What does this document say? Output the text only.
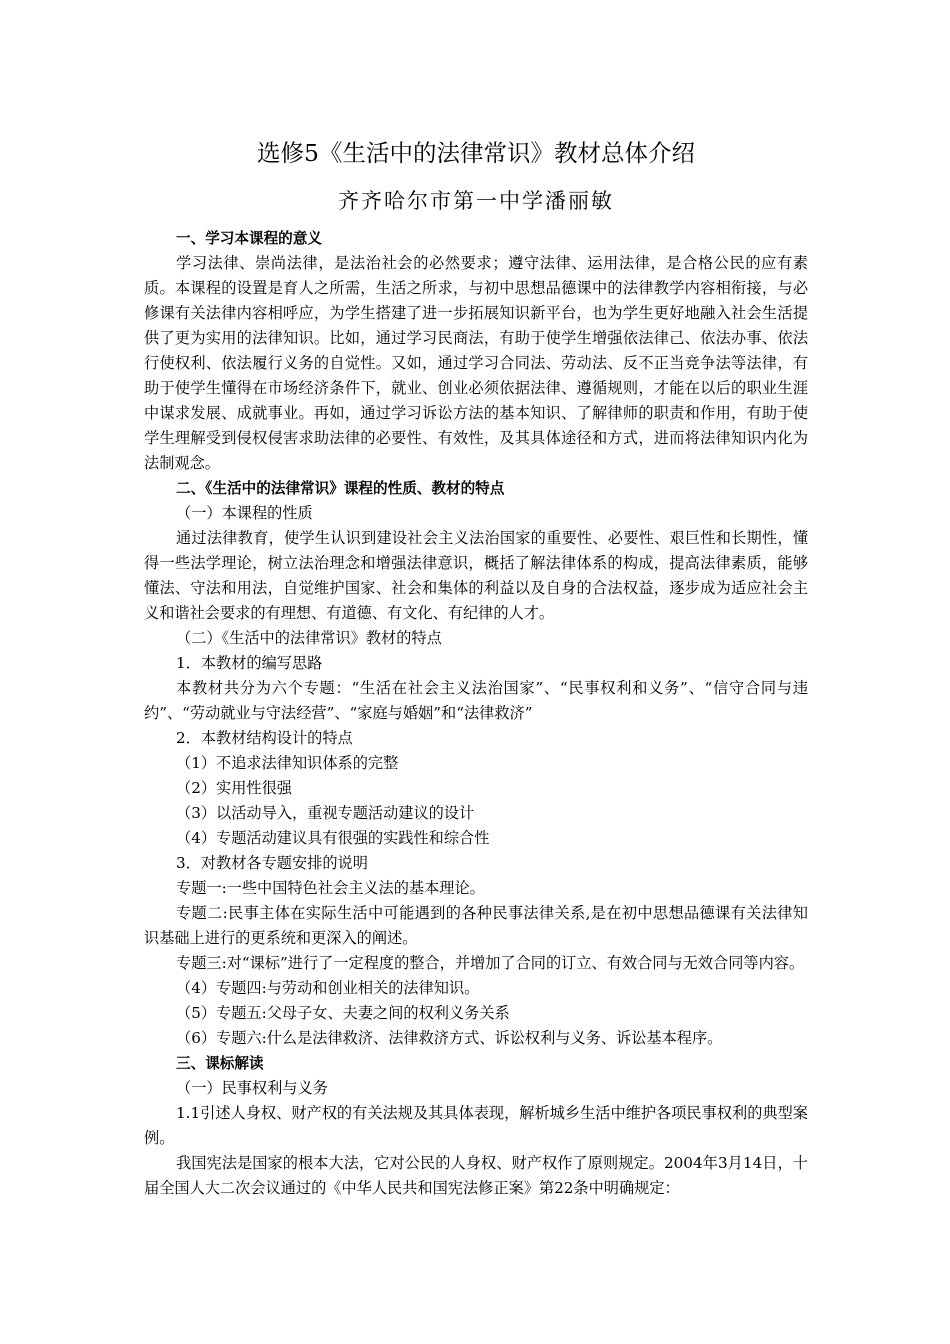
选修5《生活中的法律常识》教材总体介绍
齐齐哈尔市第一中学潘丽敏

一、学习本课程的意义

学习法律、崇尚法律，是法治社会的必然要求；遵守法律、运用法律，是合格公民的应有素质。本课程的设置是育人之所需，生活之所求，与初中思想品德课中的法律教学内容相衔接，与必修课有关法律内容相呼应，为学生搭建了进一步拓展知识新平台，也为学生更好地融入社会生活提供了更为实用的法律知识。比如，通过学习民商法，有助于使学生增强依法律己、依法办事、依法行使权利、依法履行义务的自觉性。又如，通过学习合同法、劳动法、反不正当竞争法等法律，有助于使学生懂得在市场经济条件下，就业、创业必须依据法律、遵循规则，才能在以后的职业生涯中谋求发展、成就事业。再如，通过学习诉讼方法的基本知识、了解律师的职责和作用，有助于使学生理解受到侵权侵害求助法律的必要性、有效性，及其具体途径和方式，进而将法律知识内化为法制观念。

二、《生活中的法律常识》课程的性质、教材的特点

（一）本课程的性质

通过法律教育，使学生认识到建设社会主义法治国家的重要性、必要性、艰巨性和长期性，懂得一些法学理论，树立法治理念和增强法律意识，概括了解法律体系的构成，提高法律素质，能够懂法、守法和用法，自觉维护国家、社会和集体的利益以及自身的合法权益，逐步成为适应社会主义和谐社会要求的有理想、有道德、有文化、有纪律的人才。

（二）《生活中的法律常识》教材的特点

1．本教材的编写思路

本教材共分为六个专题：“生活在社会主义法治国家”、“民事权利和义务”、“信守合同与违约”、“劳动就业与守法经营”、“家庭与婚姻”和“法律救济”

2．本教材结构设计的特点

（1）不追求法律知识体系的完整

（2）实用性很强

（3）以活动导入，重视专题活动建议的设计

（4）专题活动建议具有很强的实践性和综合性

3．对教材各专题安排的说明

专题一:一些中国特色社会主义法的基本理论。

专题二:民事主体在实际生活中可能遇到的各种民事法律关系,是在初中思想品德课有关法律知识基础上进行的更系统和更深入的阐述。

专题三:对“课标”进行了一定程度的整合，并增加了合同的订立、有效合同与无效合同等内容。

（4）专题四:与劳动和创业相关的法律知识。

（5）专题五:父母子女、夫妻之间的权利义务关系

（6）专题六:什么是法律救济、法律救济方式、诉讼权利与义务、诉讼基本程序。

三、课标解读

（一）民事权利与义务

1.1引述人身权、财产权的有关法规及其具体表现，解析城乡生活中维护各项民事权利的典型案例。

我国宪法是国家的根本大法，它对公民的人身权、财产权作了原则规定。2004年3月14日，十届全国人大二次会议通过的《中华人民共和国宪法修正案》第22条中明确规定：
